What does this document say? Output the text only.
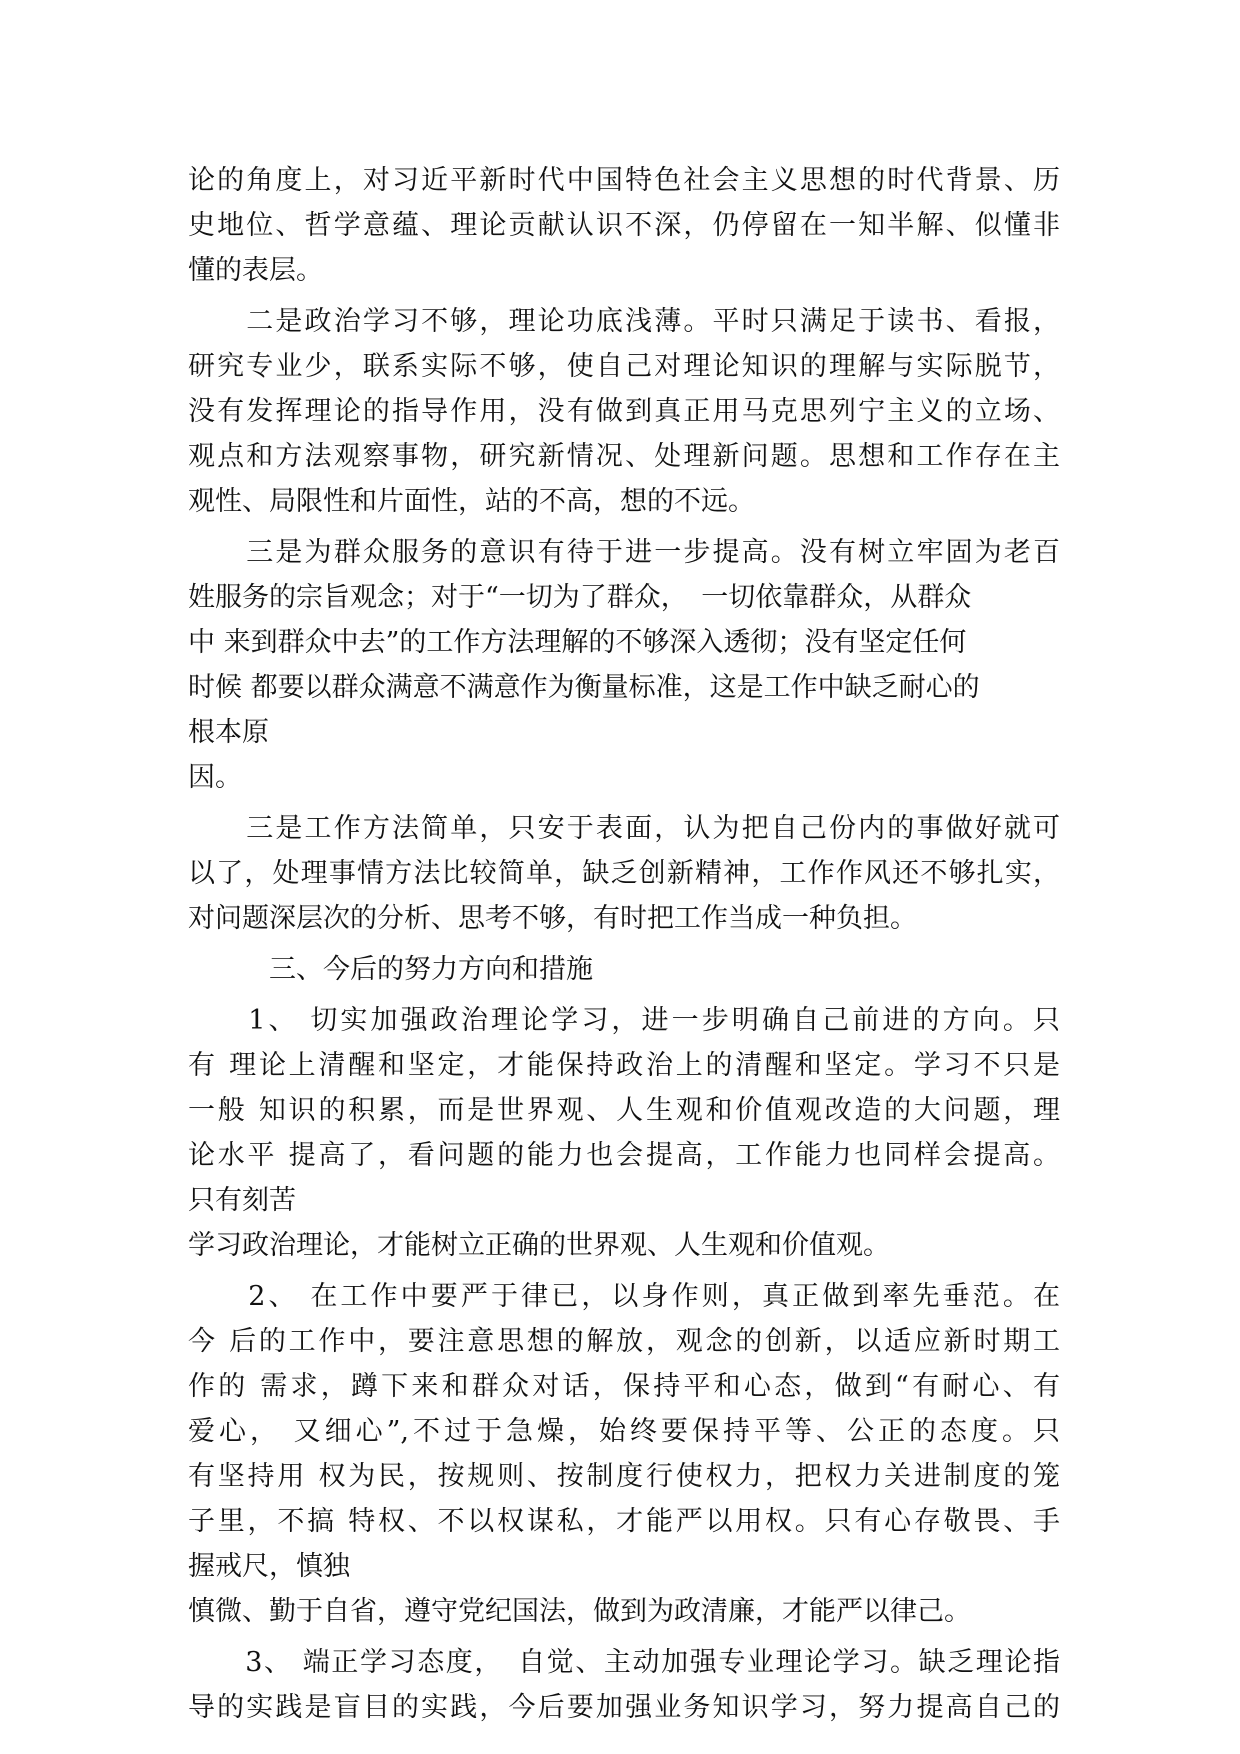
论的角度上，对习近平新时代中国特色社会主义思想的时代背景、历
史地位、哲学意蕴、理论贡献认识不深，仍停留在一知半解、似懂非
懂的表层。
　　二是政治学习不够，理论功底浅薄。平时只满足于读书、看报，
研究专业少，联系实际不够，使自己对理论知识的理解与实际脱节，
没有发挥理论的指导作用，没有做到真正用马克思列宁主义的立场、
观点和方法观察事物，研究新情况、处理新问题。思想和工作存在主
观性、局限性和片面性，站的不高，想的不远。
　　三是为群众服务的意识有待于进一步提高。没有树立牢固为老百
姓服务的宗旨观念；对于“一切为了群众，　一切依靠群众，从群众
中 来到群众中去”的工作方法理解的不够深入透彻；没有坚定任何
时候 都要以群众满意不满意作为衡量标准，这是工作中缺乏耐心的
根本原
因。
　　三是工作方法简单，只安于表面，认为把自己份内的事做好就可
以了，处理事情方法比较简单，缺乏创新精神，工作作风还不够扎实，
对问题深层次的分析、思考不够，有时把工作当成一种负担。
　　　三、今后的努力方向和措施
　　1、 切实加强政治理论学习，进一步明确自己前进的方向。只
有 理论上清醒和坚定，才能保持政治上的清醒和坚定。学习不只是
一般 知识的积累，而是世界观、人生观和价值观改造的大问题，理
论水平 提高了，看问题的能力也会提高，工作能力也同样会提高。
只有刻苦
学习政治理论，才能树立正确的世界观、人生观和价值观。
　　2、 在工作中要严于律已，以身作则，真正做到率先垂范。在
今 后的工作中，要注意思想的解放，观念的创新，以适应新时期工
作的 需求，蹲下来和群众对话，保持平和心态，做到“有耐心、有
爱心， 又细心”,不过于急燥，始终要保持平等、公正的态度。只
有坚持用 权为民，按规则、按制度行使权力，把权力关进制度的笼
子里，不搞 特权、不以权谋私，才能严以用权。只有心存敬畏、手
握戒尺，慎独
慎微、勤于自省，遵守党纪国法，做到为政清廉，才能严以律己。
　　3、 端正学习态度，　自觉、主动加强专业理论学习。缺乏理论指
导的实践是盲目的实践，今后要加强业务知识学习，努力提高自己的
